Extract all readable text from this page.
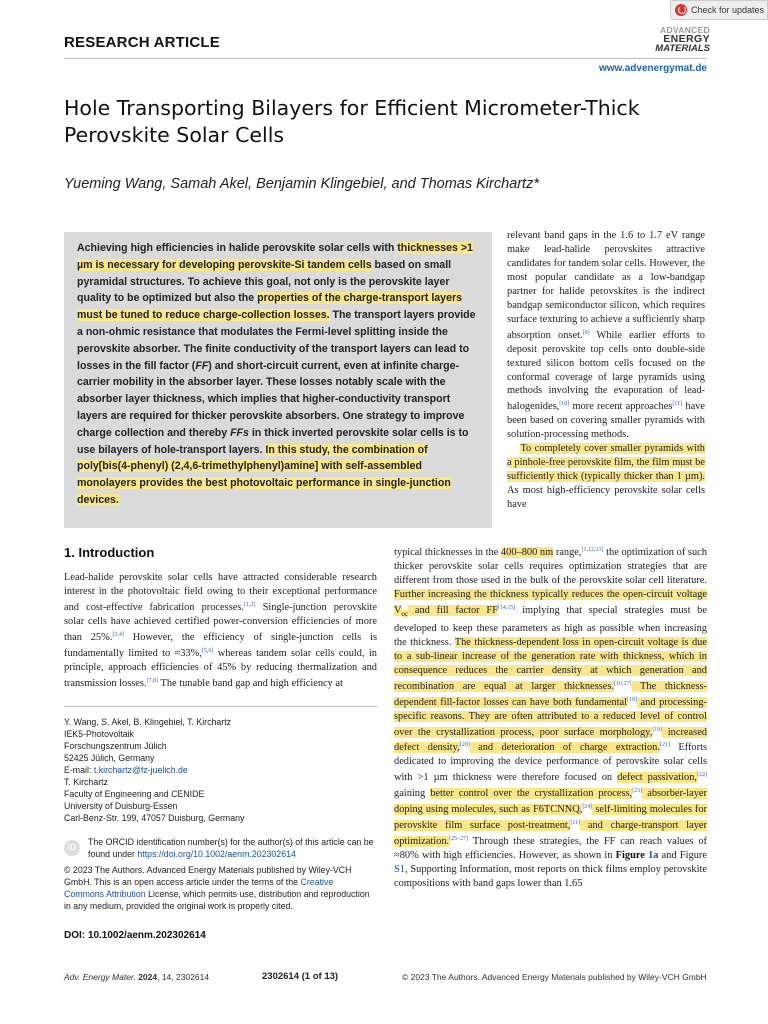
Check for updates
RESEARCH ARTICLE
ADVANCED
ENERGY
MATERIALS
www.advenergymat.de
Hole Transporting Bilayers for Efficient Micrometer-Thick Perovskite Solar Cells
Yueming Wang, Samah Akel, Benjamin Klingebiel, and Thomas Kirchartz*
Achieving high efficiencies in halide perovskite solar cells with thicknesses >1 µm is necessary for developing perovskite-Si tandem cells based on small pyramidal structures. To achieve this goal, not only is the perovskite layer quality to be optimized but also the properties of the charge-transport layers must be tuned to reduce charge-collection losses. The transport layers provide a non-ohmic resistance that modulates the Fermi-level splitting inside the perovskite absorber. The finite conductivity of the transport layers can lead to losses in the fill factor (FF) and short-circuit current, even at infinite charge-carrier mobility in the absorber layer. These losses notably scale with the absorber layer thickness, which implies that higher-conductivity transport layers are required for thicker perovskite absorbers. One strategy to improve charge collection and thereby FFs in thick inverted perovskite solar cells is to use bilayers of hole-transport layers. In this study, the combination of poly[bis(4-phenyl) (2,4,6-trimethylphenyl)amine] with self-assembled monolayers provides the best photovoltaic performance in single-junction devices.
relevant band gaps in the 1.6 to 1.7 eV range make lead-halide perovskites attractive candidates for tandem solar cells. However, the most popular candidate as a low-bandgap partner for halide perovskites is the indirect bandgap semiconductor silicon, which requires surface texturing to achieve a sufficiently sharp absorption onset.[9] While earlier efforts to deposit perovskite top cells onto double-side textured silicon bottom cells focused on the conformal coverage of large pyramids using methods involving the evaporation of lead-halogenides,[10] more recent approaches[11] have been based on covering smaller pyramids with solution-processing methods.
To completely cover smaller pyramids with a pinhole-free perovskite film, the film must be sufficiently thick (typically thicker than 1 µm). As most high-efficiency perovskite solar cells have
1. Introduction
Lead-halide perovskite solar cells have attracted considerable research interest in the photovoltaic field owing to their exceptional performance and cost-effective fabrication processes.[1,2] Single-junction perovskite solar cells have achieved certified power-conversion efficiencies of more than 25%.[3,4] However, the efficiency of single-junction cells is fundamentally limited to ≈33%,[5,6] whereas tandem solar cells could, in principle, approach efficiencies of 45% by reducing thermalization and transmission losses.[7,8] The tunable band gap and high efficiency at
Y. Wang, S. Akel, B. Klingebiel, T. Kirchartz
IEK5-Photovoltaik
Forschungszentrum Jülich
52425 Jülich, Germany
E-mail: t.kirchartz@fz-juelich.de
T. Kirchartz
Faculty of Engineering and CENIDE
University of Duisburg-Essen
Carl-Benz-Str. 199, 47057 Duisburg, Germany
iD
The ORCID identification number(s) for the author(s) of this article can be found under https://doi.org/10.1002/aenm.202302614
© 2023 The Authors. Advanced Energy Materials published by Wiley-VCH GmbH. This is an open access article under the terms of the Creative Commons Attribution License, which permits use, distribution and reproduction in any medium, provided the original work is properly cited.
DOI: 10.1002/aenm.202302614
typical thicknesses in the 400–800 nm range,[1,12,13] the optimization of such thicker perovskite solar cells requires optimization strategies that are different from those used in the bulk of the perovskite solar cell literature. Further increasing the thickness typically reduces the open-circuit voltage $V_{oc}$ and fill factor FF[14,15] implying that special strategies must be developed to keep these parameters as high as possible when increasing the thickness. The thickness-dependent loss in open-circuit voltage is due to a sub-linear increase of the generation rate with thickness, which in consequence reduces the carrier density at which generation and recombination are equal at larger thicknesses.[16,17] The thickness-dependent fill-factor losses can have both fundamental[18] and processing-specific reasons. They are often attributed to a reduced level of control over the crystallization process, poor surface morphology,[19] increased defect density,[20] and deterioration of charge extraction.[21] Efforts dedicated to improving the device performance of perovskite solar cells with >1 µm thickness were therefore focused on defect passivation,[22] gaining better control over the crystallization process,[23] absorber-layer doping using molecules, such as F6TCNNQ,[24] self-limiting molecules for perovskite film surface post-treatment,[11] and charge-transport layer optimization.[25–27] Through these strategies, the FF can reach values of ≈80% with high efficiencies. However, as shown in Figure 1a and Figure S1, Supporting Information, most reports on thick films employ perovskite compositions with band gaps lower than 1.65
Adv. Energy Mater. 2024, 14, 2302614	2302614 (1 of 13)	© 2023 The Authors. Advanced Energy Materials published by Wiley-VCH GmbH
